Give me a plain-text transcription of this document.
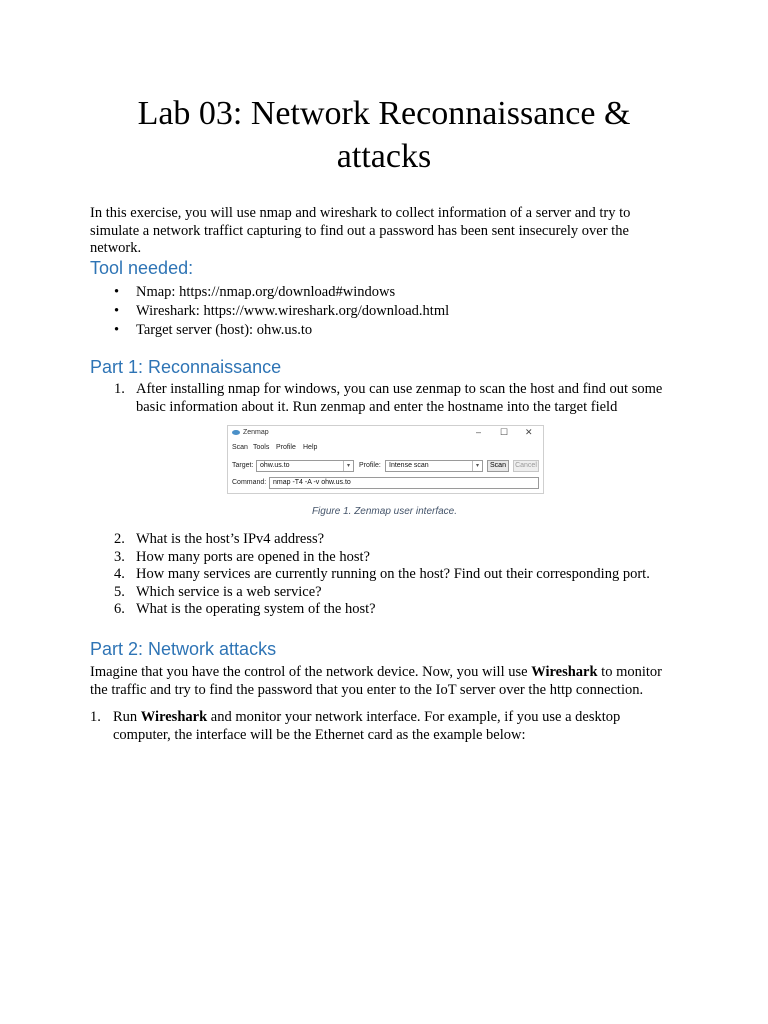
Lab 03: Network Reconnaissance & attacks

In this exercise, you will use nmap and wireshark to collect information of a server and try to simulate a network traffict capturing to find out a password has been sent insecurely over the network.

Tool needed:
• Nmap: https://nmap.org/download#windows
• Wireshark: https://www.wireshark.org/download.html
• Target server (host): ohw.us.to
Part 1: Reconnaissance
1. After installing nmap for windows, you can use zenmap to scan the host and find out some basic information about it. Run zenmap and enter the hostname into the target field
Zenmap	– ☐ ✕
Scan Tools Profile Help
Target: ohw.us.to	▾	Profile:	Intense scan	▾	Scan	Cancel
Command: nmap -T4 -A -v ohw.us.to
Figure 1. Zenmap user interface.
2. What is the host’s IPv4 address?
3. How many ports are opened in the host?
4. How many services are currently running on the host? Find out their corresponding port.
5. Which service is a web service?
6. What is the operating system of the host?
Part 2: Network attacks

Imagine that you have the control of the network device. Now, you will use Wireshark to monitor the traffic and try to find the password that you enter to the IoT server over the http connection.

1. Run Wireshark and monitor your network interface. For example, if you use a desktop computer, the interface will be the Ethernet card as the example below:
